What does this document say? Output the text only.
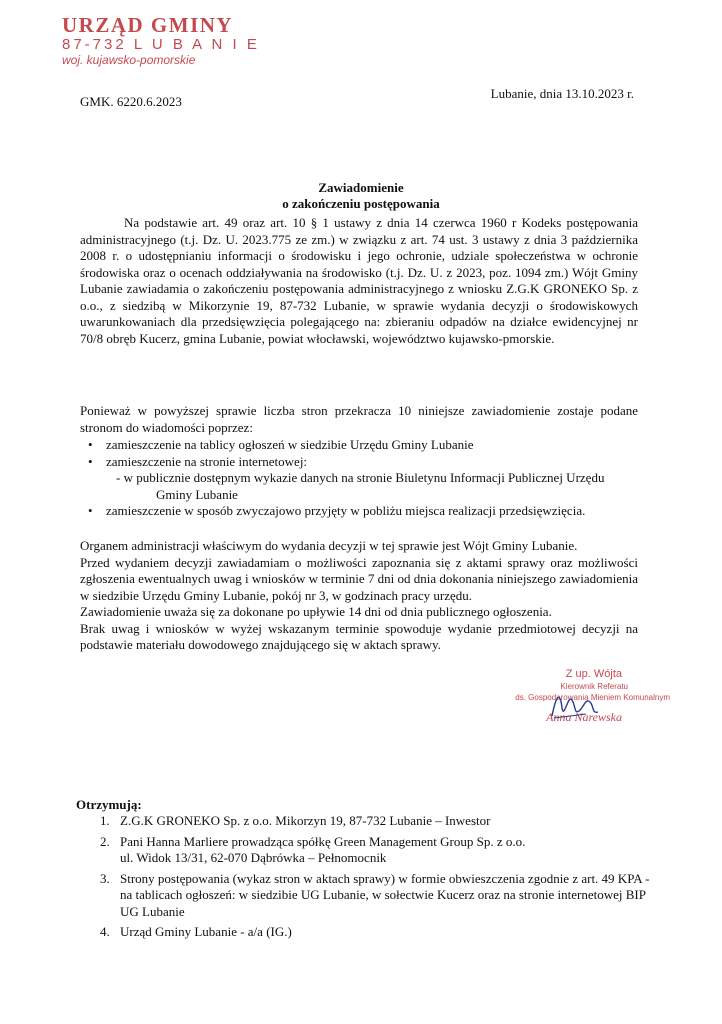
URZĄD GMINY
87-732 L U B A N I E
woj. kujawsko-pomorskie
Lubanie, dnia 13.10.2023 r.
GMK. 6220.6.2023
Zawiadomienie
o zakończeniu postępowania
Na podstawie art. 49 oraz art. 10 § 1 ustawy z dnia 14 czerwca 1960 r Kodeks postępowania administracyjnego (t.j. Dz. U. 2023.775 ze zm.) w związku z art. 74 ust. 3 ustawy z dnia 3 października 2008 r. o udostępnianiu informacji o środowisku i jego ochronie, udziale społeczeństwa w ochronie środowiska oraz o ocenach oddziaływania na środowisko (t.j. Dz. U. z 2023, poz. 1094 zm.) Wójt Gminy Lubanie zawiadamia o zakończeniu postępowania administracyjnego z wniosku Z.G.K GRONEKO Sp. z o.o., z siedzibą w Mikorzynie 19, 87-732 Lubanie, w sprawie wydania decyzji o środowiskowych uwarunkowaniach dla przedsięwzięcia polegającego na: zbieraniu odpadów na działce ewidencyjnej nr 70/8 obręb Kucerz, gmina Lubanie, powiat włocławski, województwo kujawsko-pmorskie.
Ponieważ w powyższej sprawie liczba stron przekracza 10 niniejsze zawiadomienie zostaje podane stronom do wiadomości poprzez:
• zamieszczenie na tablicy ogłoszeń w siedzibie Urzędu Gminy Lubanie
• zamieszczenie na stronie internetowej:
- w publicznie dostępnym wykazie danych na stronie Biuletynu Informacji Publicznej Urzędu
Gminy Lubanie
• zamieszczenie w sposób zwyczajowo przyjęty w pobliżu miejsca realizacji przedsięwzięcia.
Organem administracji właściwym do wydania decyzji w tej sprawie jest Wójt Gminy Lubanie.
Przed wydaniem decyzji zawiadamiam o możliwości zapoznania się z aktami sprawy oraz możliwości zgłoszenia ewentualnych uwag i wniosków w terminie 7 dni od dnia dokonania niniejszego zawiadomienia w siedzibie Urzędu Gminy Lubanie, pokój nr 3, w godzinach pracy urzędu.
Zawiadomienie uważa się za dokonane po upływie 14 dni od dnia publicznego ogłoszenia.
Brak uwag i wniosków w wyżej wskazanym terminie spowoduje wydanie przedmiotowej decyzji na podstawie materiału dowodowego znajdującego się w aktach sprawy.
Z up. Wójta
Kierownik Referatu
ds. Gospodarowania Mieniem Komunalnym
Anna Narewska
Otrzymują:
1. Z.G.K GRONEKO Sp. z o.o. Mikorzyn 19, 87-732 Lubanie – Inwestor
2. Pani Hanna Marliere prowadząca spółkę Green Management Group Sp. z o.o.
ul. Widok 13/31, 62-070 Dąbrówka – Pełnomocnik
3. Strony postępowania (wykaz stron w aktach sprawy) w formie obwieszczenia zgodnie z art. 49 KPA - na tablicach ogłoszeń: w siedzibie UG Lubanie, w sołectwie Kucerz oraz na stronie internetowej BIP UG Lubanie
4. Urząd Gminy Lubanie - a/a (IG.)
